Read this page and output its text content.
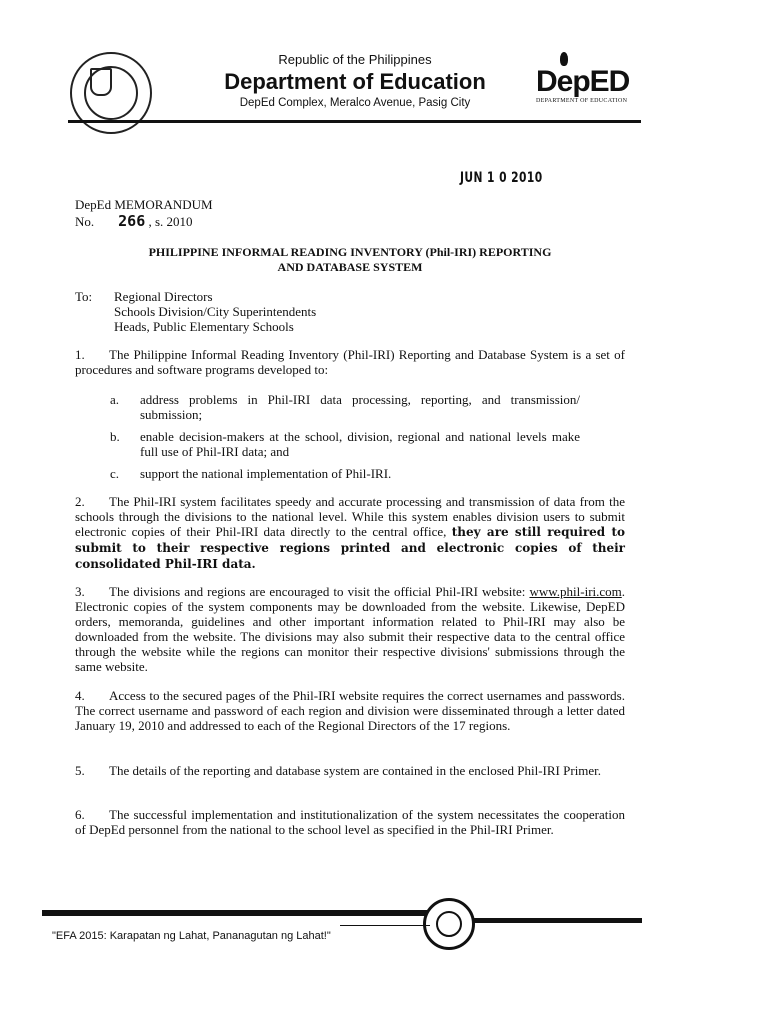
Republic of the Philippines
Department of Education
DepEd Complex, Meralco Avenue, Pasig City
DepED
DEPARTMENT OF EDUCATION
JUN 1 0 2010
DepEd MEMORANDUM
No. 266 , s. 2010
PHILIPPINE INFORMAL READING INVENTORY (Phil-IRI) REPORTING
AND DATABASE SYSTEM
To: Regional Directors
Schools Division/City Superintendents
Heads, Public Elementary Schools
1. The Philippine Informal Reading Inventory (Phil-IRI) Reporting and Database System is a set of procedures and software programs developed to:
a. address problems in Phil-IRI data processing, reporting, and transmission/ submission;
b. enable decision-makers at the school, division, regional and national levels make full use of Phil-IRI data; and
c. support the national implementation of Phil-IRI.
2. The Phil-IRI system facilitates speedy and accurate processing and transmission of data from the schools through the divisions to the national level. While this system enables division users to submit electronic copies of their Phil-IRI data directly to the central office, they are still required to submit to their respective regions printed and electronic copies of their consolidated Phil-IRI data.
3. The divisions and regions are encouraged to visit the official Phil-IRI website: www.phil-iri.com. Electronic copies of the system components may be downloaded from the website. Likewise, DepED orders, memoranda, guidelines and other important information related to Phil-IRI may also be downloaded from the website. The divisions may also submit their respective data to the central office through the website while the regions can monitor their respective divisions' submissions through the same website.
4. Access to the secured pages of the Phil-IRI website requires the correct usernames and passwords. The correct username and password of each region and division were disseminated through a letter dated January 19, 2010 and addressed to each of the Regional Directors of the 17 regions.
5. The details of the reporting and database system are contained in the enclosed Phil-IRI Primer.
6. The successful implementation and institutionalization of the system necessitates the cooperation of DepEd personnel from the national to the school level as specified in the Phil-IRI Primer.
"EFA 2015: Karapatan ng Lahat, Pananagutan ng Lahat!"
